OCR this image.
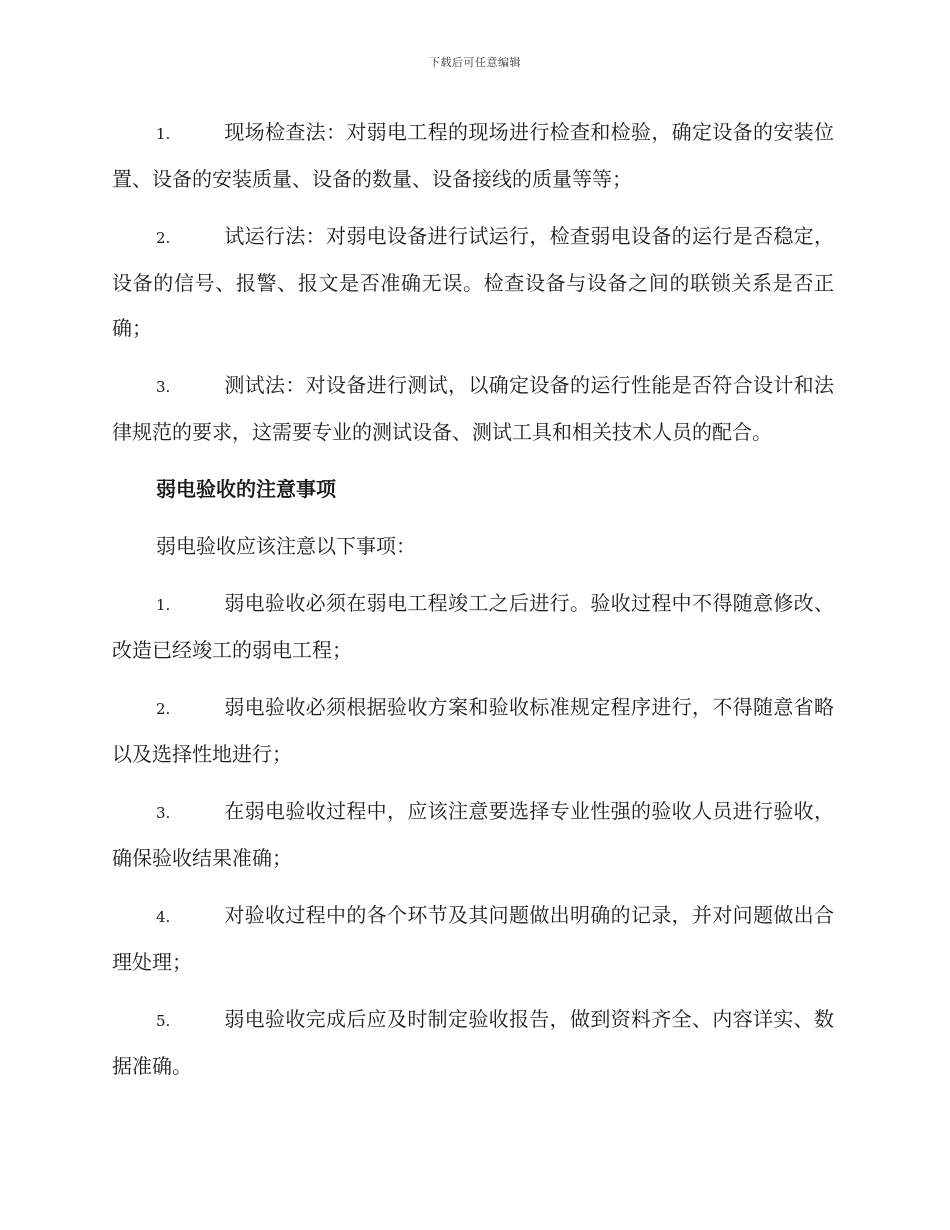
下载后可任意编辑

1.	现场检查法：对弱电工程的现场进行检查和检验，确定设备的安装位置、设备的安装质量、设备的数量、设备接线的质量等等；

2.	试运行法：对弱电设备进行试运行，检查弱电设备的运行是否稳定，设备的信号、报警、报文是否准确无误。检查设备与设备之间的联锁关系是否正确；

3.	测试法：对设备进行测试，以确定设备的运行性能是否符合设计和法律规范的要求，这需要专业的测试设备、测试工具和相关技术人员的配合。

弱电验收的注意事项

弱电验收应该注意以下事项：

1.	弱电验收必须在弱电工程竣工之后进行。验收过程中不得随意修改、改造已经竣工的弱电工程；

2.	弱电验收必须根据验收方案和验收标准规定程序进行，不得随意省略以及选择性地进行；

3.	在弱电验收过程中，应该注意要选择专业性强的验收人员进行验收，确保验收结果准确；

4.	对验收过程中的各个环节及其问题做出明确的记录，并对问题做出合理处理；

5.	弱电验收完成后应及时制定验收报告，做到资料齐全、内容详实、数据准确。
